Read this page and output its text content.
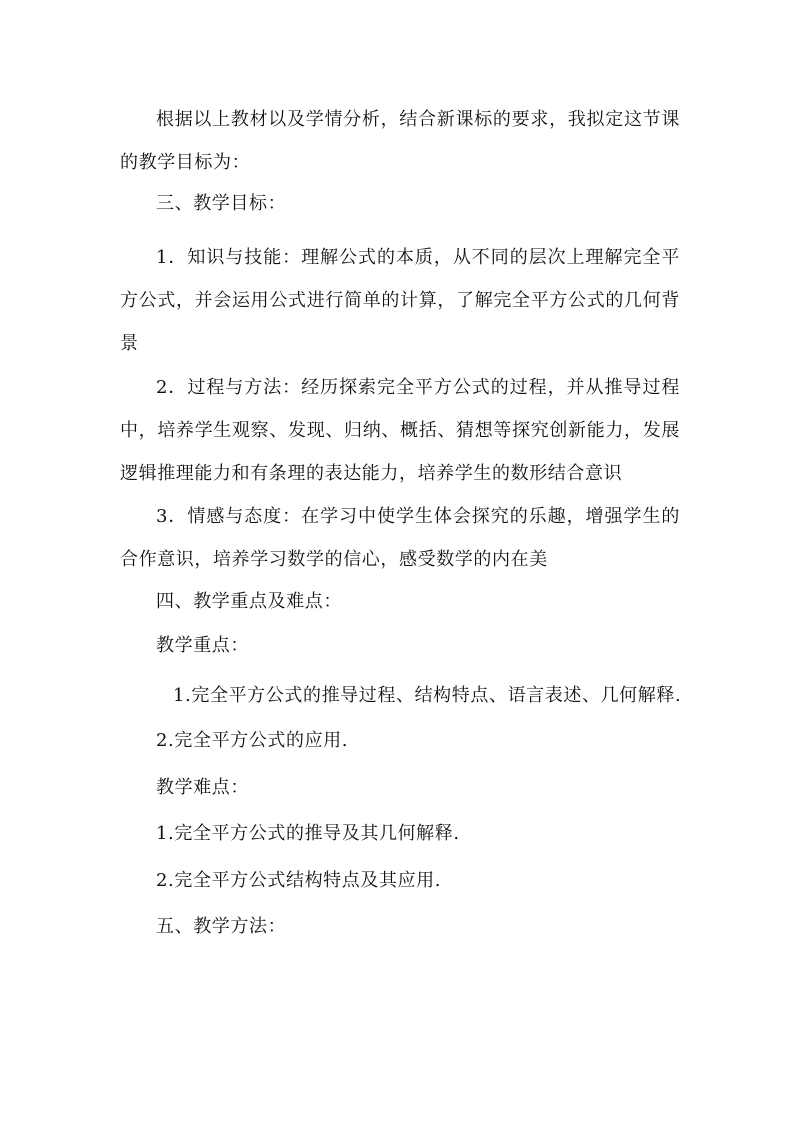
根据以上教材以及学情分析，结合新课标的要求，我拟定这节课的教学目标为：
三、教学目标：
1．知识与技能：理解公式的本质，从不同的层次上理解完全平方公式，并会运用公式进行简单的计算，了解完全平方公式的几何背景
2．过程与方法：经历探索完全平方公式的过程，并从推导过程中，培养学生观察、发现、归纳、概括、猜想等探究创新能力，发展逻辑推理能力和有条理的表达能力，培养学生的数形结合意识
3．情感与态度：在学习中使学生体会探究的乐趣，增强学生的合作意识，培养学习数学的信心，感受数学的内在美
四、教学重点及难点：
教学重点：
1.完全平方公式的推导过程、结构特点、语言表述、几何解释.
2.完全平方公式的应用.
教学难点：
1.完全平方公式的推导及其几何解释.
2.完全平方公式结构特点及其应用.
五、教学方法：
